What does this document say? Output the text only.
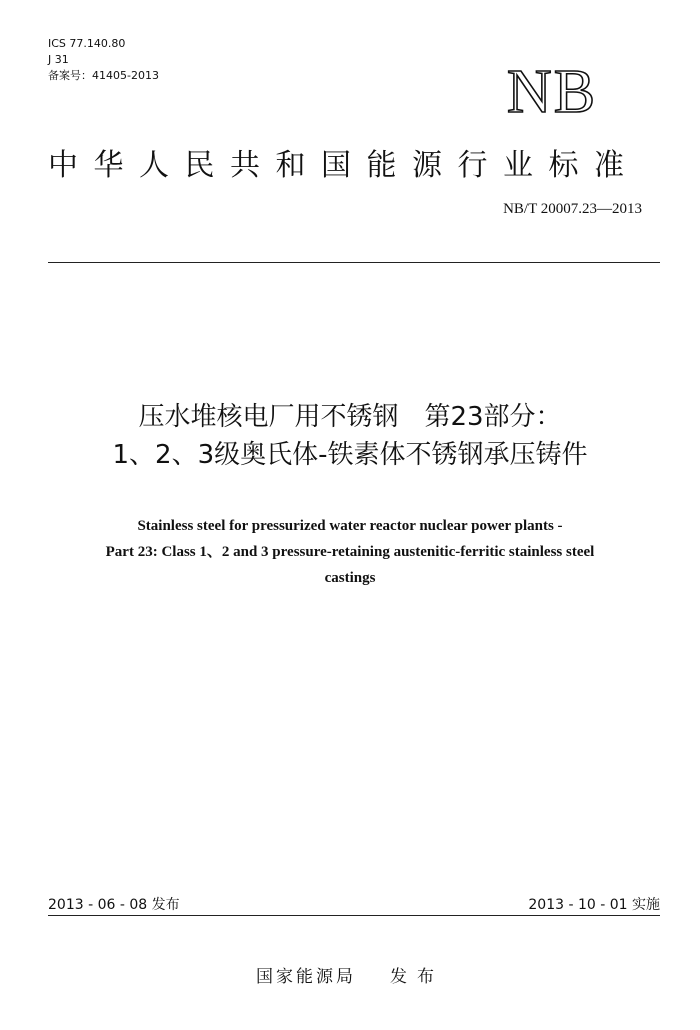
ICS 77.140.80
J 31
备案号：41405-2013	NB
中华人民共和国能源行业标准
NB/T 20007.23—2013
压水堆核电厂用不锈钢　第23部分：
1、2、3级奥氏体-铁素体不锈钢承压铸件
Stainless steel for pressurized water reactor nuclear power plants -
Part 23: Class 1、2 and 3 pressure-retaining austenitic-ferritic stainless steel
castings
2013 - 06 - 08 发布	2013 - 10 - 01 实施
国家能源局 发布
